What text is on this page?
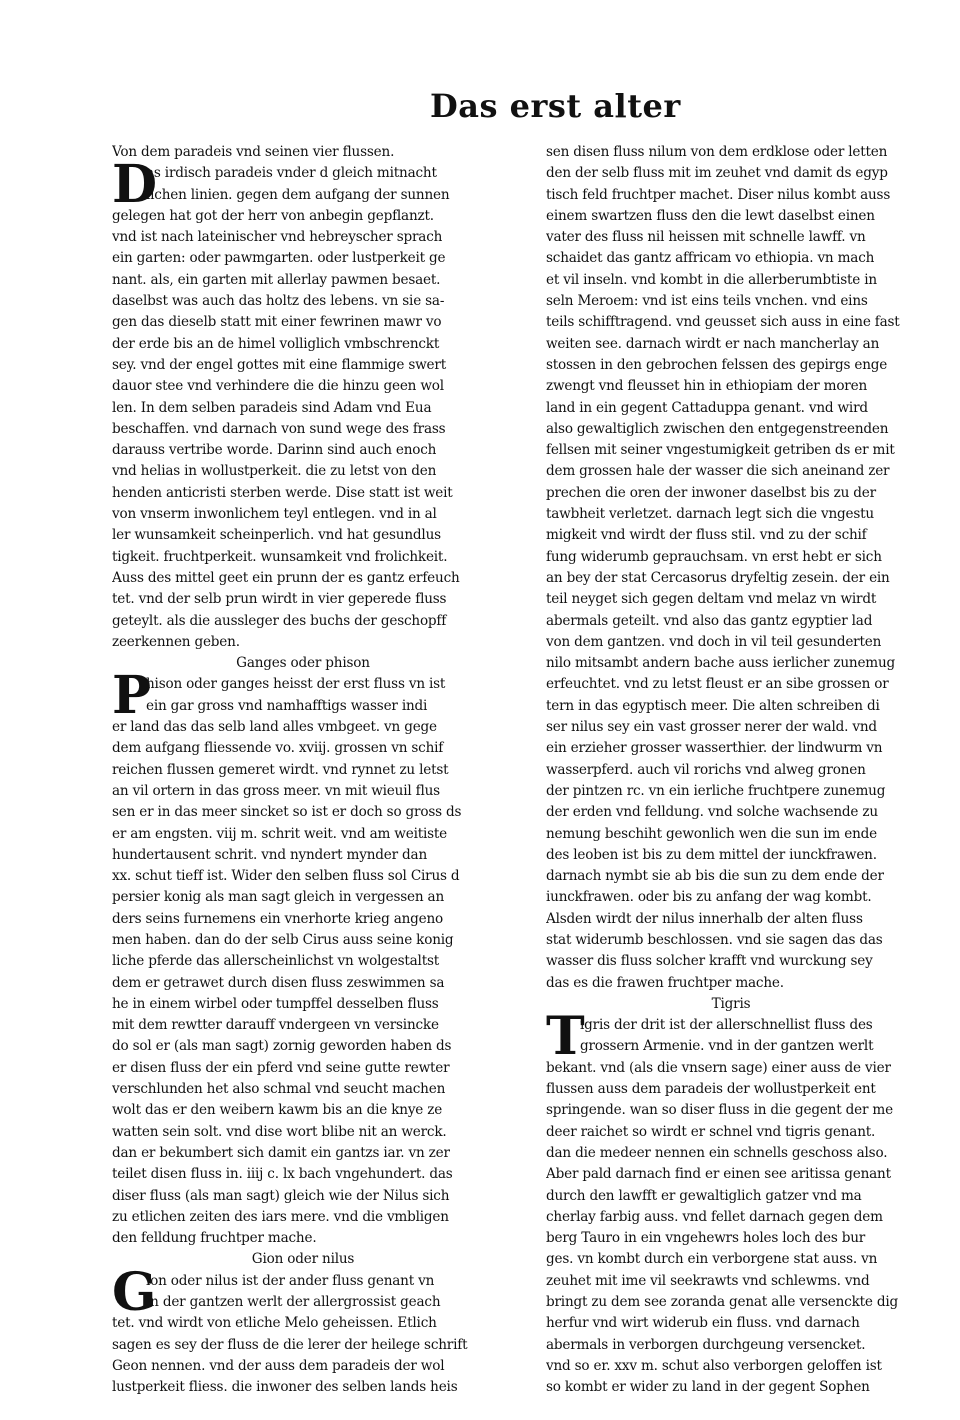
Das erst alter
Von dem paradeis vnd seinen vier flussen.
D
as irdisch paradeis vnder d gleich mitnacht
lichen linien. gegen dem aufgang der sunnen
gelegen hat got der herr von anbegin gepflanzt.
vnd ist nach lateinischer vnd hebreyscher sprach
ein garten: oder pawmgarten. oder lustperkeit ge
nant. als, ein garten mit allerlay pawmen besaet.
daselbst was auch das holtz des lebens. vn sie sa-
gen das dieselb statt mit einer fewrinen mawr vo
der erde bis an de himel volliglich vmbschrenckt
sey. vnd der engel gottes mit eine flammige swert
dauor stee vnd verhindere die die hinzu geen wol
len. In dem selben paradeis sind Adam vnd Eua
beschaffen. vnd darnach von sund wege des frass
darauss vertribe worde. Darinn sind auch enoch
vnd helias in wollustperkeit. die zu letst von den
henden anticristi sterben werde. Dise statt ist weit
von vnserm inwonlichem teyl entlegen. vnd in al
ler wunsamkeit scheinperlich. vnd hat gesundlus
tigkeit. fruchtperkeit. wunsamkeit vnd frolichkeit.
Auss des mittel geet ein prunn der es gantz erfeuch
tet. vnd der selb prun wirdt in vier geperede fluss
geteylt. als die aussleger des buchs der geschopff
zeerkennen geben.
Ganges oder phison
P
hison oder ganges heisst der erst fluss vn ist
ein gar gross vnd namhafftigs wasser indi
er land das das selb land alles vmbgeet. vn gege
dem aufgang fliessende vo. xviij. grossen vn schif
reichen flussen gemeret wirdt. vnd rynnet zu letst
an vil ortern in das gross meer. vn mit wieuil flus
sen er in das meer sincket so ist er doch so gross ds
er am engsten. viij m. schrit weit. vnd am weitiste
hundertausent schrit. vnd nyndert mynder dan
xx. schut tieff ist. Wider den selben fluss sol Cirus d
persier konig als man sagt gleich in vergessen an
ders seins furnemens ein vnerhorte krieg angeno
men haben. dan do der selb Cirus auss seine konig
liche pferde das allerscheinlichst vn wolgestaltst
dem er getrawet durch disen fluss zeswimmen sa
he in einem wirbel oder tumpffel desselben fluss
mit dem rewtter darauff vndergeen vn versincke
do sol er (als man sagt) zornig geworden haben ds
er disen fluss der ein pferd vnd seine gutte rewter
verschlunden het also schmal vnd seucht machen
wolt das er den weibern kawm bis an die knye ze
watten sein solt. vnd dise wort blibe nit an werck.
dan er bekumbert sich damit ein gantzs iar. vn zer
teilet disen fluss in. iiij c. lx bach vngehundert. das
diser fluss (als man sagt) gleich wie der Nilus sich
zu etlichen zeiten des iars mere. vnd die vmbligen
den felldung fruchtper mache.
Gion oder nilus
G
ion oder nilus ist der ander fluss genant vn
in der gantzen werlt der allergrossist geach
tet. vnd wirdt von etliche Melo geheissen. Etlich
sagen es sey der fluss de die lerer der heilege schrift
Geon nennen. vnd der auss dem paradeis der wol
lustperkeit fliess. die inwoner des selben lands heis
sen disen fluss nilum von dem erdklose oder letten
den der selb fluss mit im zeuhet vnd damit ds egyp
tisch feld fruchtper machet. Diser nilus kombt auss
einem swartzen fluss den die lewt daselbst einen
vater des fluss nil heissen mit schnelle lawff. vn
schaidet das gantz affricam vo ethiopia. vn mach
et vil inseln. vnd kombt in die allerberumbtiste in
seln Meroem: vnd ist eins teils vnchen. vnd eins
teils schifftragend. vnd geusset sich auss in eine fast
weiten see. darnach wirdt er nach mancherlay an
stossen in den gebrochen felssen des gepirgs enge
zwengt vnd fleusset hin in ethiopiam der moren
land in ein gegent Cattaduppa genant. vnd wird
also gewaltiglich zwischen den entgegenstreenden
fellsen mit seiner vngestumigkeit getriben ds er mit
dem grossen hale der wasser die sich aneinand zer
prechen die oren der inwoner daselbst bis zu der
tawbheit verletzet. darnach legt sich die vngestu
migkeit vnd wirdt der fluss stil. vnd zu der schif
fung widerumb geprauchsam. vn erst hebt er sich
an bey der stat Cercasorus dryfeltig zesein. der ein
teil neyget sich gegen deltam vnd melaz vn wirdt
abermals geteilt. vnd also das gantz egyptier lad
von dem gantzen. vnd doch in vil teil gesunderten
nilo mitsambt andern bache auss ierlicher zunemug
erfeuchtet. vnd zu letst fleust er an sibe grossen or
tern in das egyptisch meer. Die alten schreiben di
ser nilus sey ein vast grosser nerer der wald. vnd
ein erzieher grosser wasserthier. der lindwurm vn
wasserpferd. auch vil rorichs vnd alweg gronen
der pintzen rc. vn ein ierliche fruchtpere zunemug
der erden vnd felldung. vnd solche wachsende zu
nemung beschiht gewonlich wen die sun im ende
des leoben ist bis zu dem mittel der iunckfrawen.
darnach nymbt sie ab bis die sun zu dem ende der
iunckfrawen. oder bis zu anfang der wag kombt.
Alsden wirdt der nilus innerhalb der alten fluss
stat widerumb beschlossen. vnd sie sagen das das
wasser dis fluss solcher krafft vnd wurckung sey
das es die frawen fruchtper mache.
Tigris
T
igris der drit ist der allerschnellist fluss des
grossern Armenie. vnd in der gantzen werlt
bekant. vnd (als die vnsern sage) einer auss de vier
flussen auss dem paradeis der wollustperkeit ent
springende. wan so diser fluss in die gegent der me
deer raichet so wirdt er schnel vnd tigris genant.
dan die medeer nennen ein schnells geschoss also.
Aber pald darnach find er einen see aritissa genant
durch den lawfft er gewaltiglich gatzer vnd ma
cherlay farbig auss. vnd fellet darnach gegen dem
berg Tauro in ein vngehewrs holes loch des bur
ges. vn kombt durch ein verborgene stat auss. vn
zeuhet mit ime vil seekrawts vnd schlewms. vnd
bringt zu dem see zoranda genat alle versenckte dig
herfur vnd wirt widerub ein fluss. vnd darnach
abermals in verborgen durchgeung versencket.
vnd so er. xxv m. schut also verborgen geloffen ist
so kombt er wider zu land in der gegent Sophen
